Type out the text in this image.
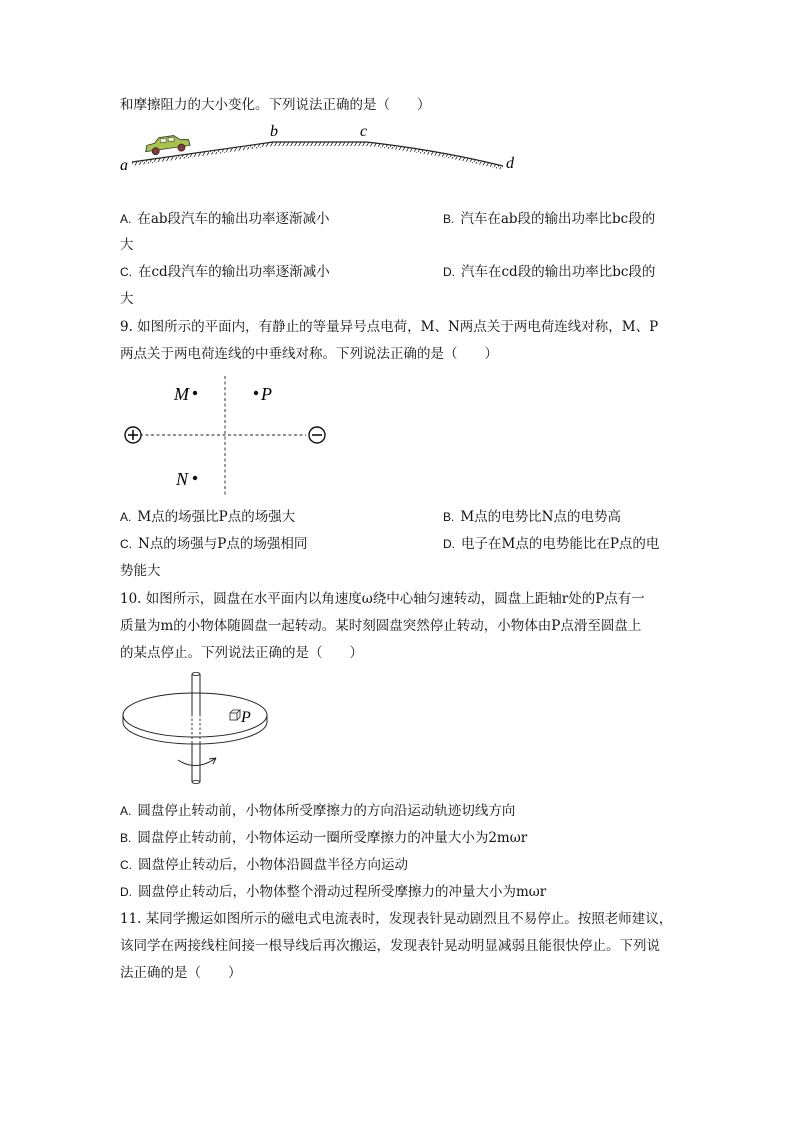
和摩擦阻力的大小变化。下列说法正确的是（　　）
a
b	c
d
A. 在ab段汽车的输出功率逐渐减小	B. 汽车在ab段的输出功率比bc段的
大
C. 在cd段汽车的输出功率逐渐减小	D. 汽车在cd段的输出功率比bc段的
大
9. 如图所示的平面内，有静止的等量异号点电荷，M、N两点关于两电荷连线对称，M、P
两点关于两电荷连线的中垂线对称。下列说法正确的是（　　）
M	P
N
A. M点的场强比P点的场强大	B. M点的电势比N点的电势高
C. N点的场强与P点的场强相同	D. 电子在M点的电势能比在P点的电
势能大
10. 如图所示，圆盘在水平面内以角速度ω绕中心轴匀速转动，圆盘上距轴r处的P点有一
质量为m的小物体随圆盘一起转动。某时刻圆盘突然停止转动，小物体由P点滑至圆盘上
的某点停止。下列说法正确的是（　　）
P
A. 圆盘停止转动前，小物体所受摩擦力的方向沿运动轨迹切线方向
B. 圆盘停止转动前，小物体运动一圈所受摩擦力的冲量大小为2mωr
C. 圆盘停止转动后，小物体沿圆盘半径方向运动
D. 圆盘停止转动后，小物体整个滑动过程所受摩擦力的冲量大小为mωr
11. 某同学搬运如图所示的磁电式电流表时，发现表针晃动剧烈且不易停止。按照老师建议，
该同学在两接线柱间接一根导线后再次搬运，发现表针晃动明显减弱且能很快停止。下列说
法正确的是（　　）
